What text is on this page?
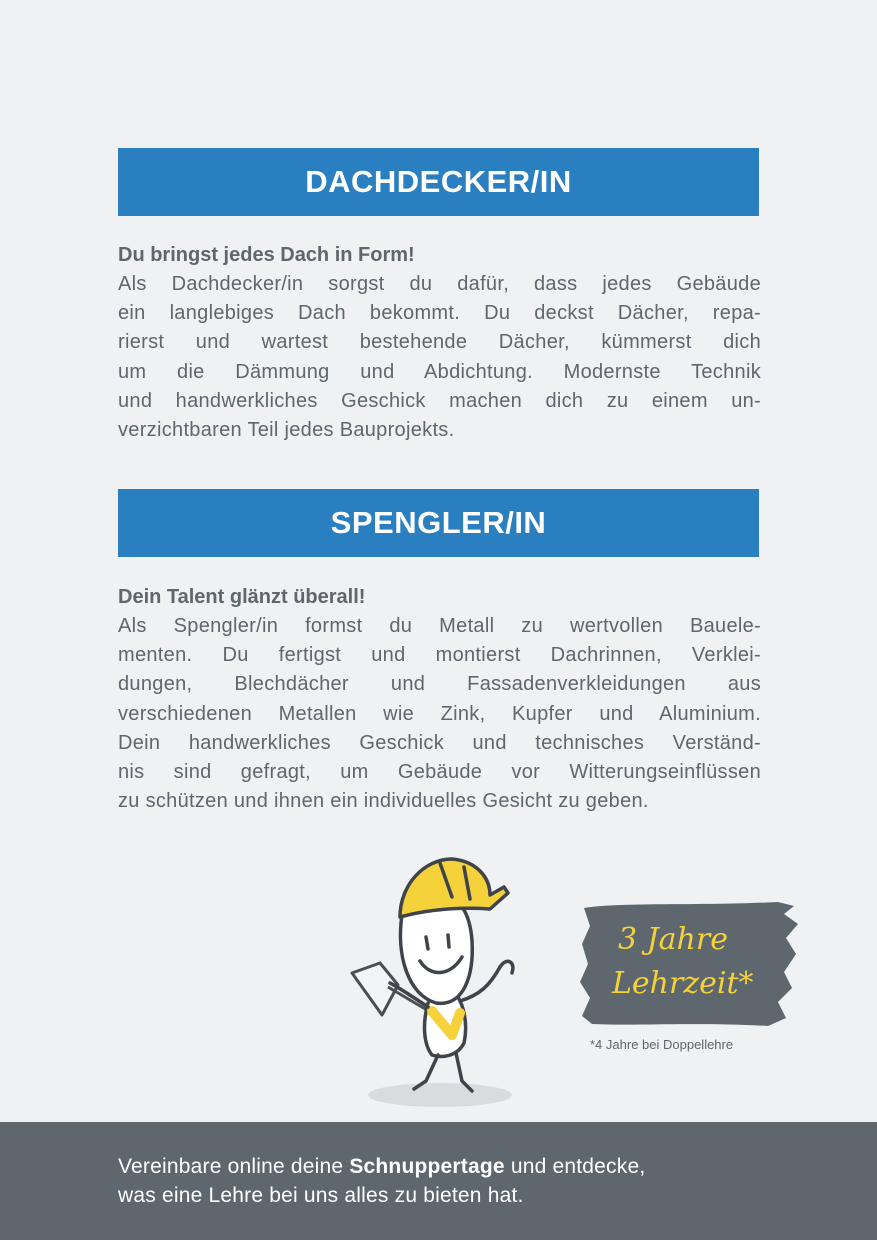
DACHDECKER/IN

Du bringst jedes Dach in Form!

Als Dachdecker/in sorgst du dafür, dass jedes Gebäude
ein langlebiges Dach bekommt. Du deckst Dächer, repa-
rierst und wartest bestehende Dächer, kümmerst dich
um die Dämmung und Abdichtung. Modernste Technik
und handwerkliches Geschick machen dich zu einem un-
verzichtbaren Teil jedes Bauprojekts.

SPENGLER/IN

Dein Talent glänzt überall!

Als Spengler/in formst du Metall zu wertvollen Bauele-
menten. Du fertigst und montierst Dachrinnen, Verklei-
dungen, Blechdächer und Fassadenverkleidungen aus
verschiedenen Metallen wie Zink, Kupfer und Aluminium.
Dein handwerkliches Geschick und technisches Verständ-
nis sind gefragt, um Gebäude vor Witterungseinflüssen
zu schützen und ihnen ein individuelles Gesicht zu geben.

3 Jahre
Lehrzeit*
*4 Jahre bei Doppellehre

Vereinbare online deine Schnuppertage und entdecke,
was eine Lehre bei uns alles zu bieten hat.
